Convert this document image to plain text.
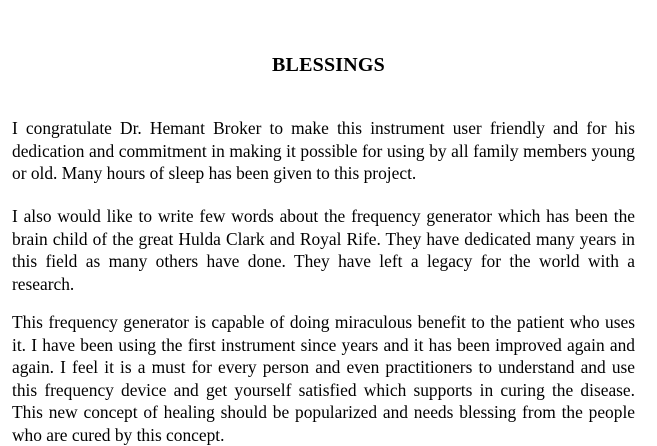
BLESSINGS

I congratulate Dr. Hemant Broker to make this instrument user friendly and for his dedication and commitment in making it possible for using by all family members young or old. Many hours of sleep has been given to this project.

I also would like to write few words about the frequency generator which has been the brain child of the great Hulda Clark and Royal Rife. They have dedicated many years in this field as many others have done. They have left a legacy for the world with a research.

This frequency generator is capable of doing miraculous benefit to the patient who uses it. I have been using the first instrument since years and it has been improved again and again. I feel it is a must for every person and even practitioners to understand and use this frequency device and get yourself satisfied which supports in curing the disease. This new concept of healing should be popularized and needs blessing from the people who are cured by this concept.
